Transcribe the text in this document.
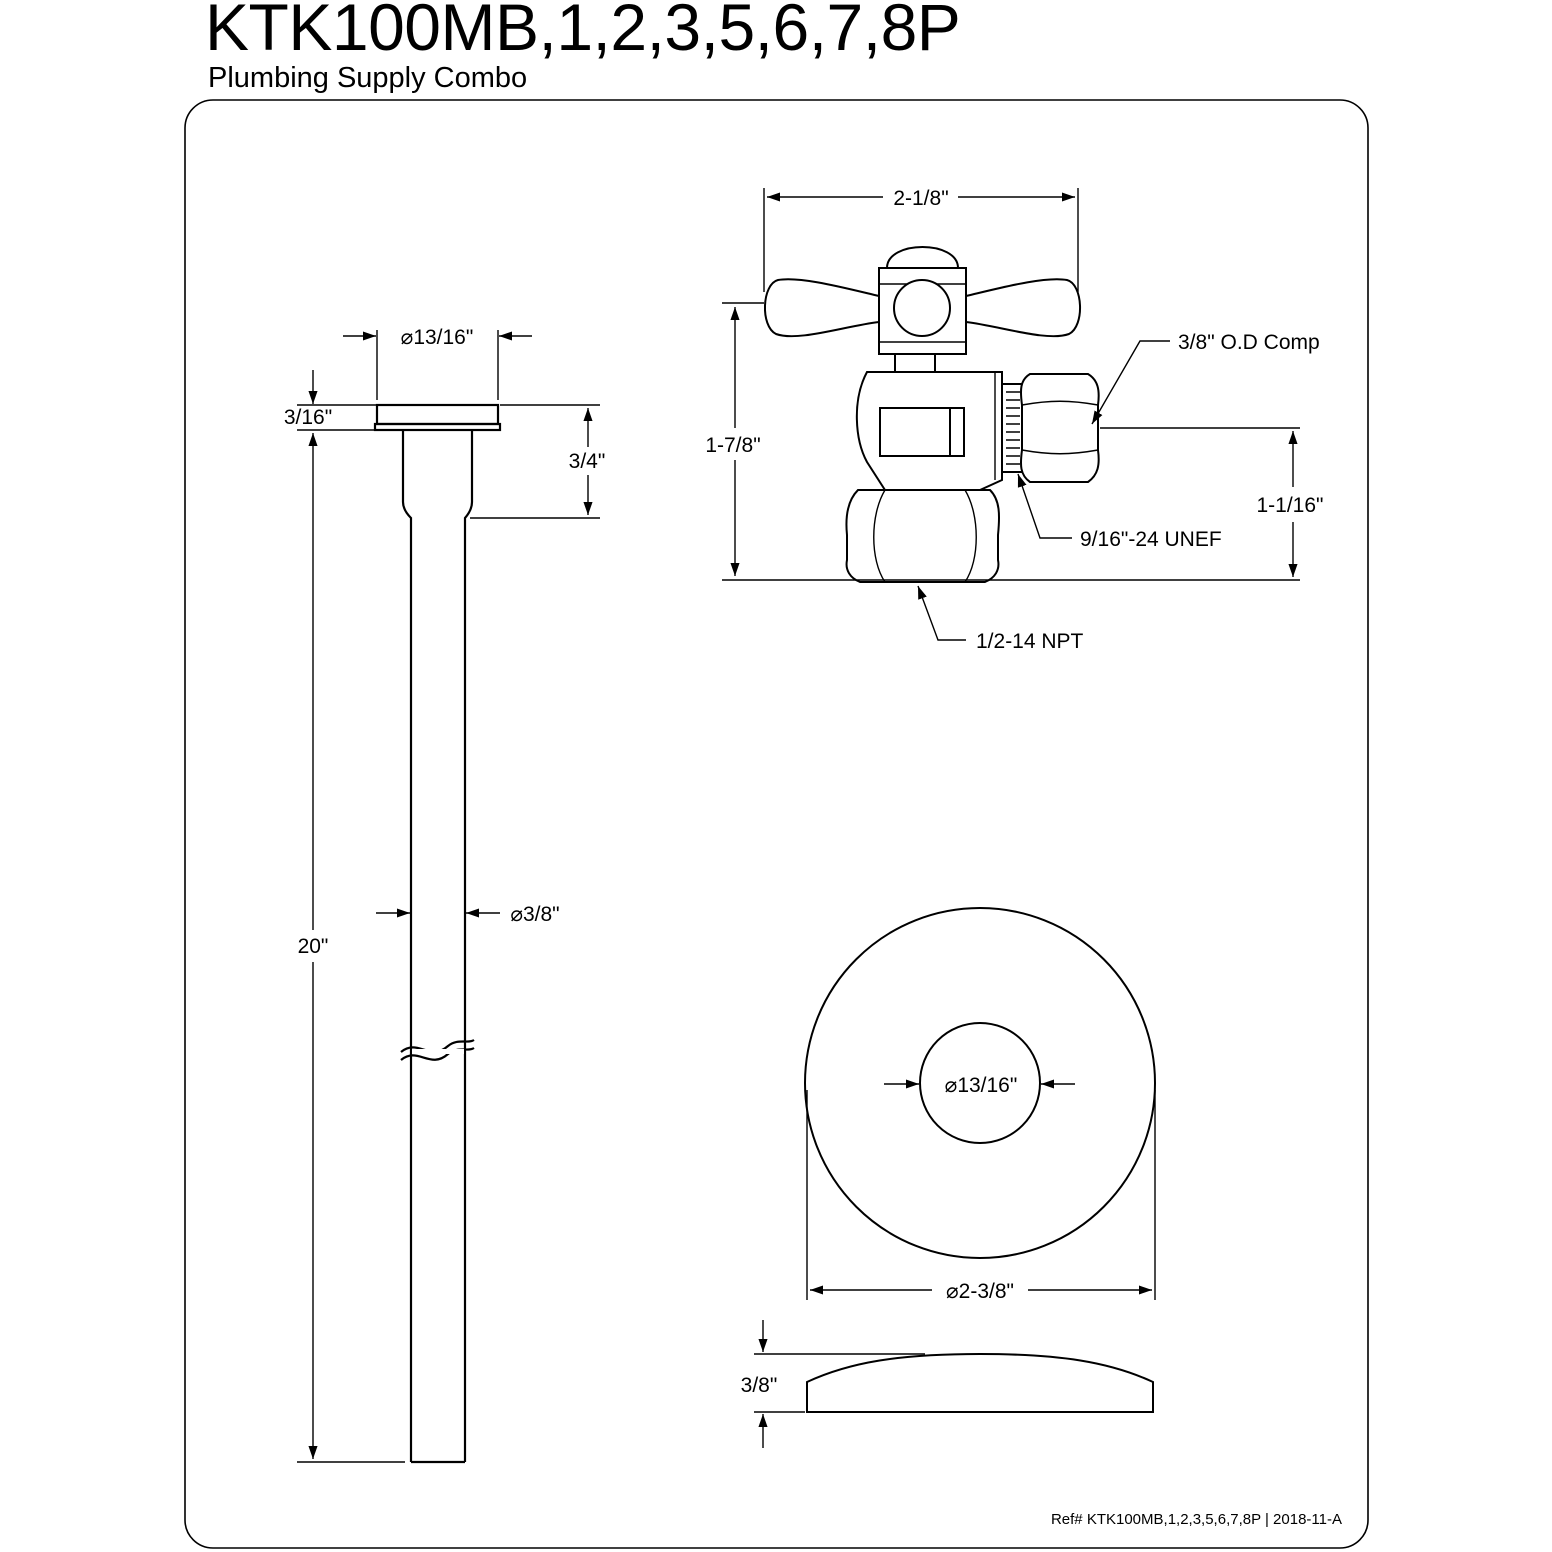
KTK100MB,1,2,3,5,6,7,8P
Plumbing Supply Combo
⌀13/16"
3/16"
3/4"
⌀3/8"
20"
2-1/8"
1-7/8"
3/8" O.D Comp
1-1/16"
9/16"-24 UNEF
1/2-14 NPT
⌀13/16"
⌀2-3/8"
3/8"
Ref# KTK100MB,1,2,3,5,6,7,8P | 2018-11-A
